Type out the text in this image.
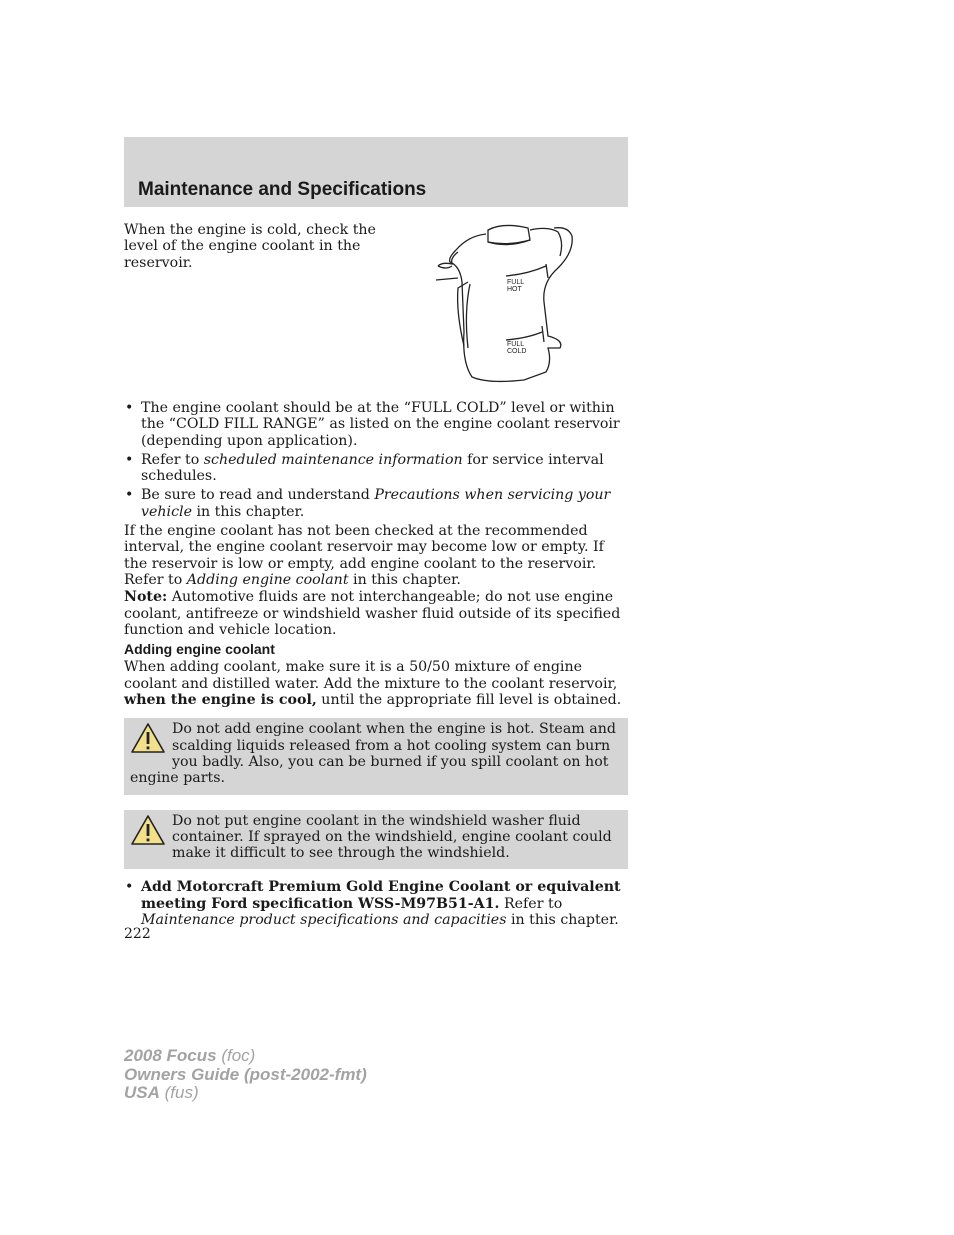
Maintenance and Specifications
When the engine is cold, check the level of the engine coolant in the reservoir.
FULL
HOT
FULL
COLD
• The engine coolant should be at the “FULL COLD” level or within the “COLD FILL RANGE” as listed on the engine coolant reservoir (depending upon application).
• Refer to scheduled maintenance information for service interval schedules.
• Be sure to read and understand Precautions when servicing your vehicle in this chapter.

If the engine coolant has not been checked at the recommended interval, the engine coolant reservoir may become low or empty. If the reservoir is low or empty, add engine coolant to the reservoir. Refer to Adding engine coolant in this chapter.

Note: Automotive fluids are not interchangeable; do not use engine coolant, antifreeze or windshield washer fluid outside of its specified function and vehicle location.

Adding engine coolant

When adding coolant, make sure it is a 50/50 mixture of engine coolant and distilled water. Add the mixture to the coolant reservoir, when the engine is cool, until the appropriate fill level is obtained.

Do not add engine coolant when the engine is hot. Steam and scalding liquids released from a hot cooling system can burn you badly. Also, you can be burned if you spill coolant on hot engine parts.
Do not put engine coolant in the windshield washer fluid container. If sprayed on the windshield, engine coolant could make it difficult to see through the windshield.
• Add Motorcraft Premium Gold Engine Coolant or equivalent meeting Ford specification WSS-M97B51-A1. Refer to Maintenance product specifications and capacities in this chapter.
222
2008 Focus (foc)
Owners Guide (post-2002-fmt)
USA (fus)
